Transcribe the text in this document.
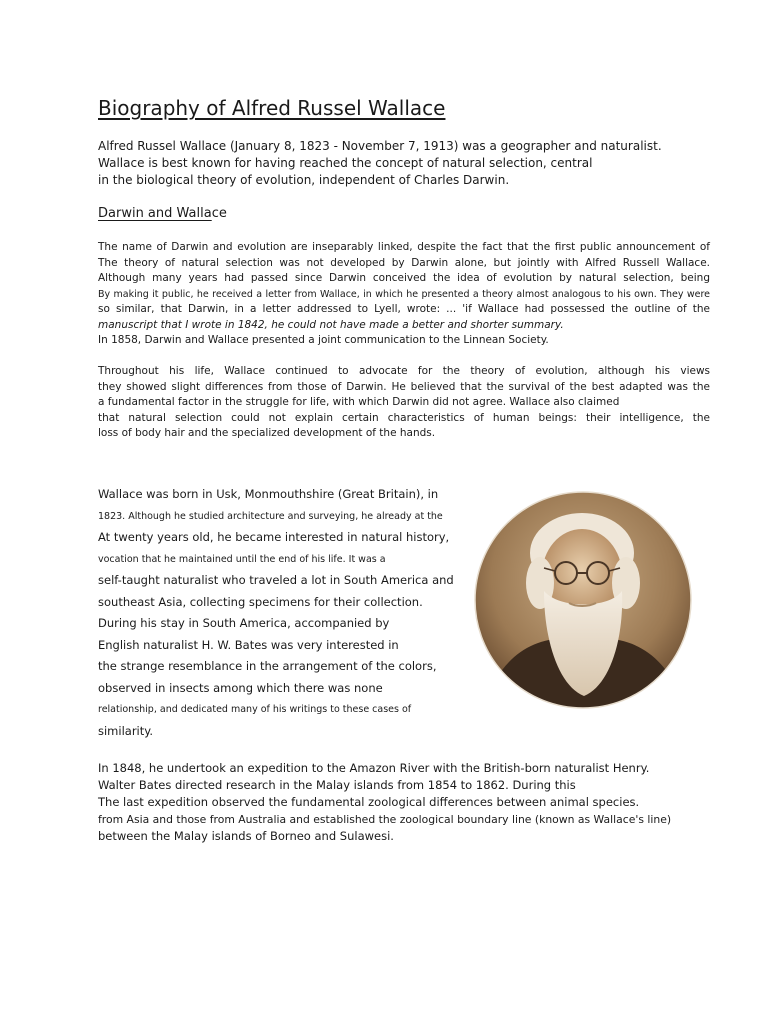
Biography of Alfred Russel Wallace
Alfred Russel Wallace (January 8, 1823 - November 7, 1913) was a geographer and naturalist.
Wallace is best known for having reached the concept of natural selection, central
in the biological theory of evolution, independent of Charles Darwin.
Darwin and Wallace
The name of Darwin and evolution are inseparably linked, despite the fact that the first public announcement of
The theory of natural selection was not developed by Darwin alone, but jointly with Alfred Russell Wallace.
Although many years had passed since Darwin conceived the idea of evolution by natural selection, being
By making it public, he received a letter from Wallace, in which he presented a theory almost analogous to his own. They were
so similar, that Darwin, in a letter addressed to Lyell, wrote: ... 'if Wallace had possessed the outline of the
manuscript that I wrote in 1842, he could not have made a better and shorter summary.
In 1858, Darwin and Wallace presented a joint communication to the Linnean Society.
Throughout his life, Wallace continued to advocate for the theory of evolution, although his views
they showed slight differences from those of Darwin. He believed that the survival of the best adapted was the
a fundamental factor in the struggle for life, with which Darwin did not agree. Wallace also claimed
that natural selection could not explain certain characteristics of human beings: their intelligence, the
loss of body hair and the specialized development of the hands.
Wallace was born in Usk, Monmouthshire (Great Britain), in
1823. Although he studied architecture and surveying, he already at the
At twenty years old, he became interested in natural history,
vocation that he maintained until the end of his life. It was a
self-taught naturalist who traveled a lot in South America and
southeast Asia, collecting specimens for their collection.
During his stay in South America, accompanied by
English naturalist H. W. Bates was very interested in
the strange resemblance in the arrangement of the colors,
observed in insects among which there was none
relationship, and dedicated many of his writings to these cases of
similarity.
In 1848, he undertook an expedition to the Amazon River with the British-born naturalist Henry.
Walter Bates directed research in the Malay islands from 1854 to 1862. During this
The last expedition observed the fundamental zoological differences between animal species.
from Asia and those from Australia and established the zoological boundary line (known as Wallace's line)
between the Malay islands of Borneo and Sulawesi.
